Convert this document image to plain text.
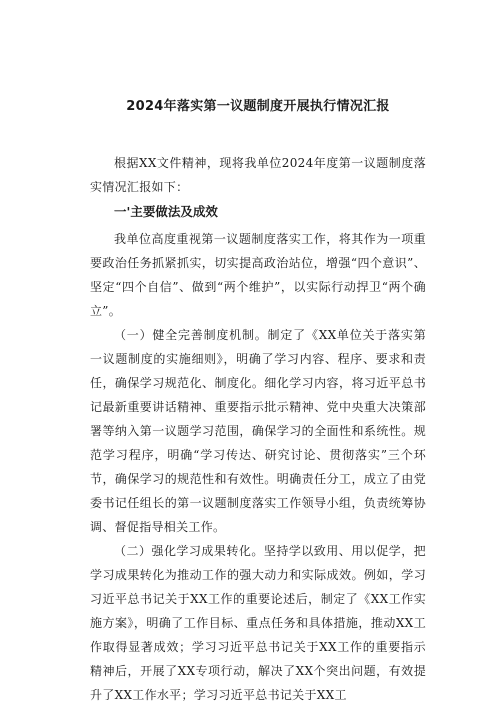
2024年落实第一议题制度开展执行情况汇报

根据XX文件精神，现将我单位2024年度第一议题制度落实情况汇报如下：

一'主要做法及成效

我单位高度重视第一议题制度落实工作，将其作为一项重要政治任务抓紧抓实，切实提高政治站位，增强“四个意识”、坚定“四个自信”、做到“两个维护”，以实际行动捍卫“两个确立”。

（一）健全完善制度机制。制定了《XX单位关于落实第一议题制度的实施细则》，明确了学习内容、程序、要求和责任，确保学习规范化、制度化。细化学习内容，将习近平总书记最新重要讲话精神、重要指示批示精神、党中央重大决策部署等纳入第一议题学习范围，确保学习的全面性和系统性。规范学习程序，明确“学习传达、研究讨论、贯彻落实”三个环节，确保学习的规范性和有效性。明确责任分工，成立了由党委书记任组长的第一议题制度落实工作领导小组，负责统筹协调、督促指导相关工作。

（二）强化学习成果转化。坚持学以致用、用以促学，把学习成果转化为推动工作的强大动力和实际成效。例如，学习习近平总书记关于XX工作的重要论述后，制定了《XX工作实施方案》，明确了工作目标、重点任务和具体措施，推动XX工作取得显著成效；学习习近平总书记关于XX工作的重要指示精神后，开展了XX专项行动，解决了XX个突出问题，有效提升了XX工作水平；学习习近平总书记关于XX工
